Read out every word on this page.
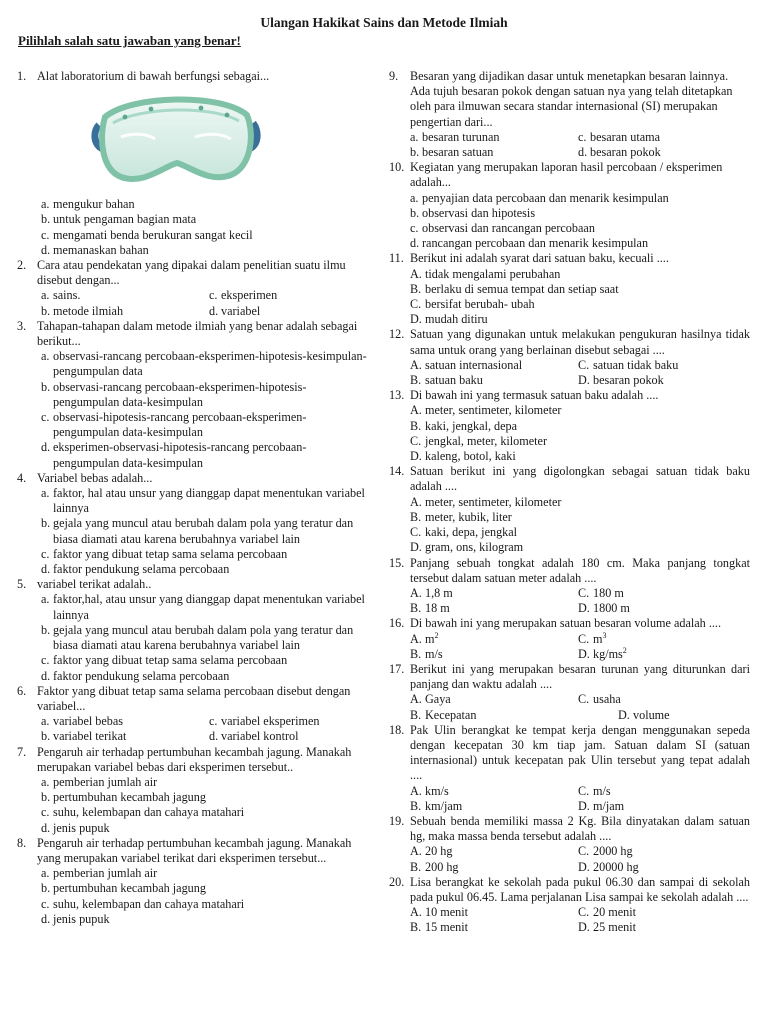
Ulangan Hakikat Sains dan Metode Ilmiah
Pilihlah salah satu jawaban yang benar!
1. Alat laboratorium di bawah berfungsi sebagai...
a. mengukur bahan
b. untuk pengaman bagian mata
c. mengamati benda berukuran sangat kecil
d. memanaskan bahan
2. Cara atau pendekatan yang dipakai dalam penelitian suatu ilmu disebut dengan...
a. sains.	c. eksperimen
b. metode ilmiah	d. variabel
3. Tahapan-tahapan dalam metode ilmiah yang benar adalah sebagai berikut...
a. observasi-rancang percobaan-eksperimen-hipotesis-kesimpulan-pengumpulan data
b. observasi-rancang percobaan-eksperimen-hipotesis-pengumpulan data-kesimpulan
c. observasi-hipotesis-rancang percobaan-eksperimen-pengumpulan data-kesimpulan
d. eksperimen-observasi-hipotesis-rancang percobaan-pengumpulan data-kesimpulan
4. Variabel bebas adalah...
a. faktor, hal atau unsur yang dianggap dapat menentukan variabel lainnya
b. gejala yang muncul atau berubah dalam pola yang teratur dan biasa diamati atau karena berubahnya variabel lain
c. faktor yang dibuat tetap sama selama percobaan
d. faktor pendukung selama percobaan
5. variabel terikat adalah..
a. faktor,hal, atau unsur yang dianggap dapat menentukan variabel lainnya
b. gejala yang muncul atau berubah dalam pola yang teratur dan biasa diamati atau karena berubahnya variabel lain
c. faktor yang dibuat tetap sama selama percobaan
d. faktor pendukung selama percobaan
6. Faktor yang dibuat tetap sama selama percobaan disebut dengan variabel...
a. variabel bebas	c. variabel eksperimen
b. variabel terikat	d. variabel kontrol
7. Pengaruh air terhadap pertumbuhan kecambah jagung. Manakah merupakan variabel bebas dari eksperimen tersebut..
a. pemberian jumlah air
b. pertumbuhan kecambah jagung
c. suhu, kelembapan dan cahaya matahari
d. jenis pupuk
8. Pengaruh air terhadap pertumbuhan kecambah jagung. Manakah yang merupakan variabel terikat dari eksperimen tersebut...
a. pemberian jumlah air
b. pertumbuhan kecambah jagung
c. suhu, kelembapan dan cahaya matahari
d. jenis pupuk
9. Besaran yang dijadikan dasar untuk menetapkan besaran lainnya. Ada tujuh besaran pokok dengan satuan nya yang telah ditetapkan oleh para ilmuwan secara standar internasional (SI) merupakan pengertian dari...
a. besaran turunan	c. besaran utama
b. besaran satuan	d. besaran pokok
10. Kegiatan yang merupakan laporan hasil percobaan / eksperimen adalah...
a. penyajian data percobaan dan menarik kesimpulan
b. observasi dan hipotesis
c. observasi dan rancangan percobaan
d. rancangan percobaan dan menarik kesimpulan
11. Berikut ini adalah syarat dari satuan baku, kecuali ....
A. tidak mengalami perubahan
B. berlaku di semua tempat dan setiap saat
C. bersifat berubah- ubah
D. mudah ditiru
12. Satuan yang digunakan untuk melakukan pengukuran hasilnya tidak sama untuk orang yang berlainan disebut sebagai ....
A. satuan internasional	C. satuan tidak baku
B. satuan baku	D. besaran pokok
13. Di bawah ini yang termasuk satuan baku adalah ....
A. meter, sentimeter, kilometer
B. kaki, jengkal, depa
C. jengkal, meter, kilometer
D. kaleng, botol, kaki
14. Satuan berikut ini yang digolongkan sebagai satuan tidak baku adalah ....
A. meter, sentimeter, kilometer
B. meter, kubik, liter
C. kaki, depa, jengkal
D. gram, ons, kilogram
15. Panjang sebuah tongkat adalah 180 cm. Maka panjang tongkat tersebut dalam satuan meter adalah ....
A. 1,8 m	C. 180 m
B. 18 m	D. 1800 m
16. Di bawah ini yang merupakan satuan besaran volume adalah ....
A. $m^2$	C. $m^3$
B. m/s	D. $kg/ms^2$
17. Berikut ini yang merupakan besaran turunan yang diturunkan dari panjang dan waktu adalah ....
A. Gaya	C. usaha
B. Kecepatan	D. volume
18. Pak Ulin berangkat ke tempat kerja dengan menggunakan sepeda dengan kecepatan 30 km tiap jam. Satuan dalam SI (satuan internasional) untuk kecepatan pak Ulin tersebut yang tepat adalah ....
A. km/s	C. m/s
B. km/jam	D. m/jam
19. Sebuah benda memiliki massa 2 Kg. Bila dinyatakan dalam satuan hg, maka massa benda tersebut adalah ....
A. 20 hg	C. 2000 hg
B. 200 hg	D. 20000 hg
20. Lisa berangkat ke sekolah pada pukul 06.30 dan sampai di sekolah pada pukul 06.45. Lama perjalanan Lisa sampai ke sekolah adalah ....
A. 10 menit	C. 20 menit
B. 15 menit	D. 25 menit
